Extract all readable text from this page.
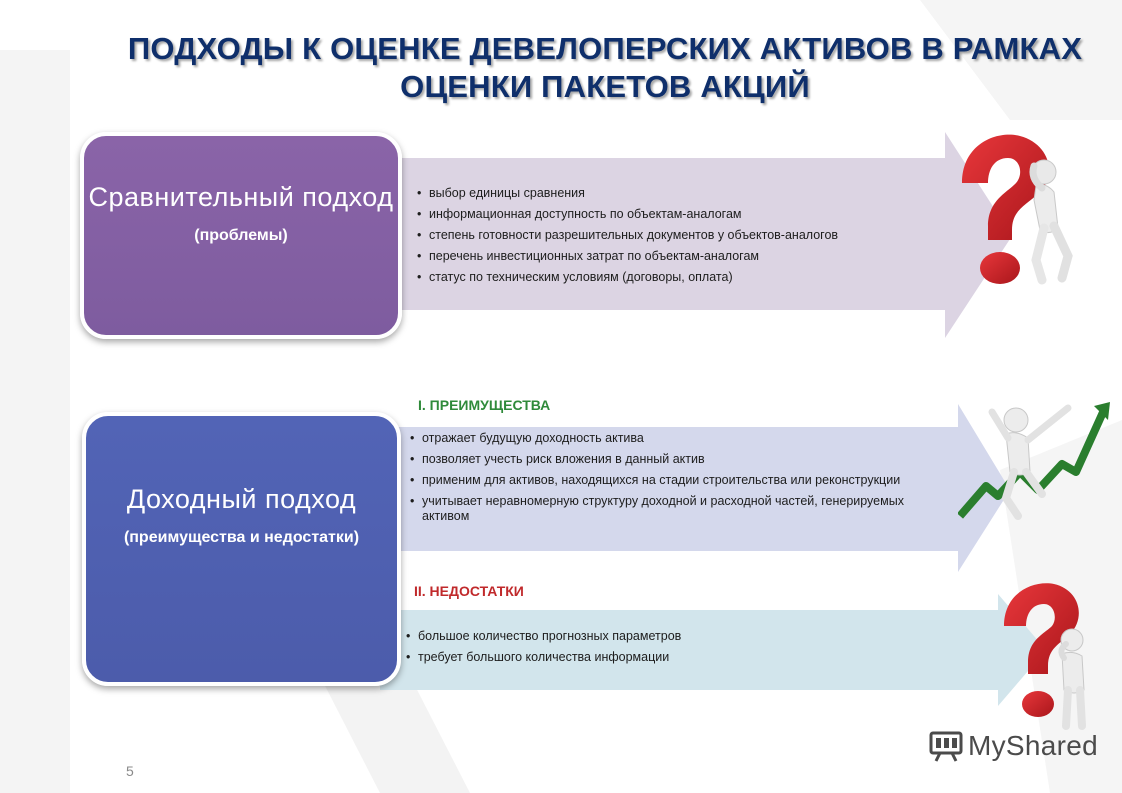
ПОДХОДЫ К ОЦЕНКЕ ДЕВЕЛОПЕРСКИХ АКТИВОВ В РАМКАХ ОЦЕНКИ ПАКЕТОВ АКЦИЙ
Сравнительный подход
(проблемы)
• выбор единицы сравнения
• информационная доступность по объектам-аналогам
• степень готовности разрешительных документов у объектов-аналогов
• перечень инвестиционных затрат по объектам-аналогам
• статус по техническим условиям (договоры, оплата)
Доходный подход
(преимущества и недостатки)
I. ПРЕИМУЩЕСТВА
• отражает будущую доходность актива
• позволяет учесть риск вложения в данный актив
• применим для активов, находящихся на стадии строительства или реконструкции
• учитывает неравномерную структуру доходной и расходной частей, генерируемых активом
II. НЕДОСТАТКИ
• большое количество прогнозных параметров
• требует большого количества информации
5
MyShared
